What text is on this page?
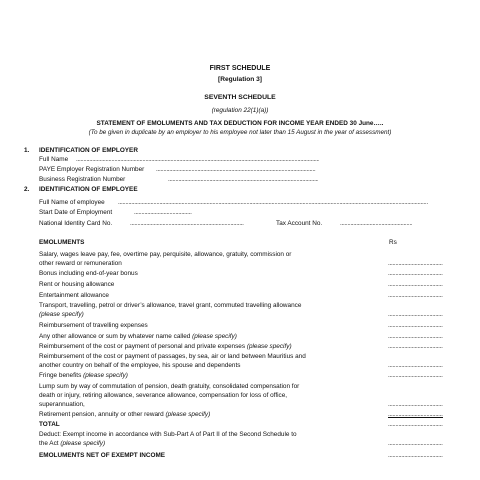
FIRST SCHEDULE
[Regulation 3]
SEVENTH SCHEDULE
(regulation 22(1)(a))
STATEMENT OF EMOLUMENTS AND TAX DEDUCTION FOR INCOME YEAR ENDED 30 June…..
(To be given in duplicate by an employer to his employee not later than 15 August in the year of assessment)
1. IDENTIFICATION OF EMPLOYER
Full Name
.....
PAYE Employer Registration Number
.....
Business Registration Number
.....
2. IDENTIFICATION OF EMPLOYEE
Full Name of employee
.....
Start Date of Employment
.....
National Identity Card No.
.....	Tax Account No.
.....
EMOLUMENTS	Rs
Salary, wages leave pay, fee, overtime pay, perquisite, allowance, gratuity, commission or
other reward or remuneration
.....
Bonus including end-of-year bonus
.....
Rent or housing allowance
.....
Entertainment allowance
.....
Transport, travelling, petrol or driver’s allowance, travel grant, commuted travelling allowance
(please specify)
.....
Reimbursement of travelling expenses
.....
Any other allowance or sum by whatever name called (please specify)
.....
Reimbursement of the cost or payment of personal and private expenses (please specify)
.....
Reimbursement of the cost or payment of passages, by sea, air or land between Mauritius and
another country on behalf of the employee, his spouse and dependents
.....
Fringe benefits (please specify)
.....
Lump sum by way of commutation of pension, death gratuity, consolidated compensation for
death or injury, retiring allowance, severance allowance, compensation for loss of office,
superannuation,
.....
Retirement pension, annuity or other reward (please specify)
.....
TOTAL
.....
Deduct: Exempt income in accordance with Sub-Part A of Part II of the Second Schedule to
the Act (please specify)
.....
EMOLUMENTS NET OF EXEMPT INCOME
.....
